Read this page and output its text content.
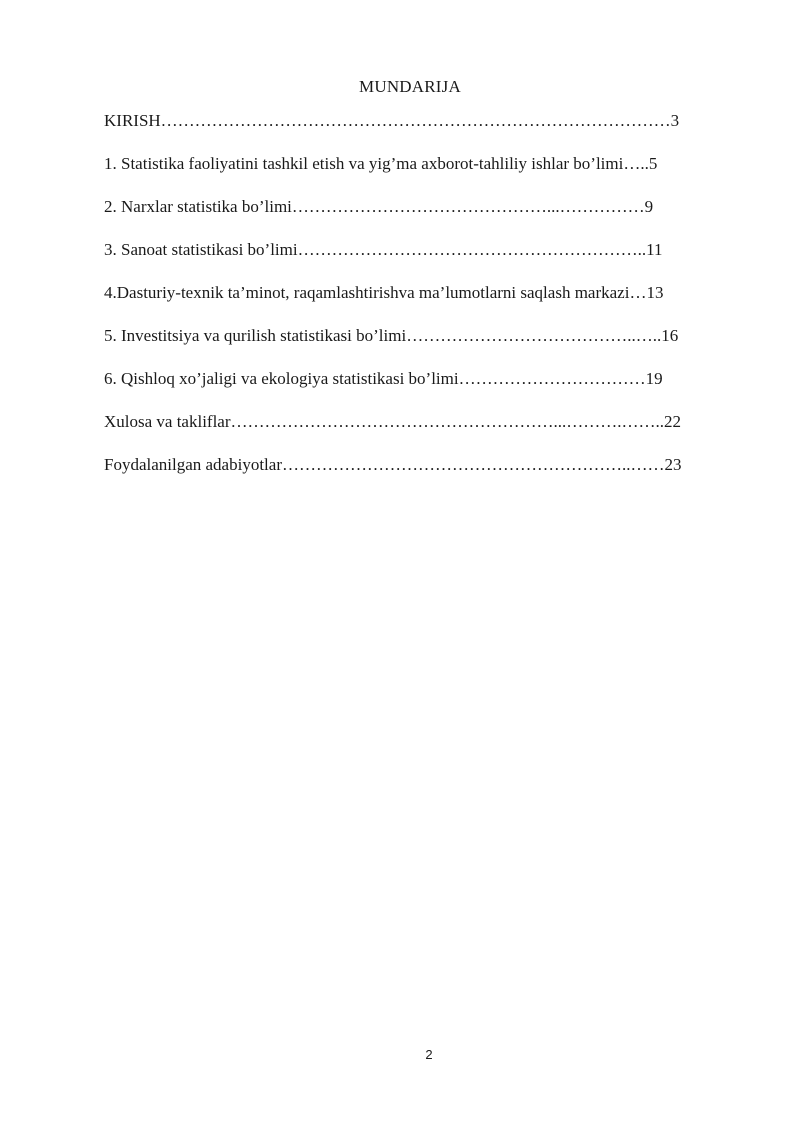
MUNDARIJA
KIRISH………………………………………………………………………………3
1. Statistika faoliyatini tashkil etish va yig’ma axborot-tahliliy ishlar bo’limi…..5
2. Narxlar statistika bo’limi………………………………………...……………9
3. Sanoat statistikasi bo’limi……………………………………………………..11
4.Dasturiy-texnik ta’minot, raqamlashtirishva ma’lumotlarni saqlash markazi…13
5. Investitsiya va qurilish statistikasi bo’limi…………………………………..…..16
6. Qishloq xo’jaligi va ekologiya statistikasi bo’limi……………………………19
Xulosa va takliflar…………………………………………………...……….……..22
Foydalanilgan adabiyotlar……………………………………………………..……23
2
